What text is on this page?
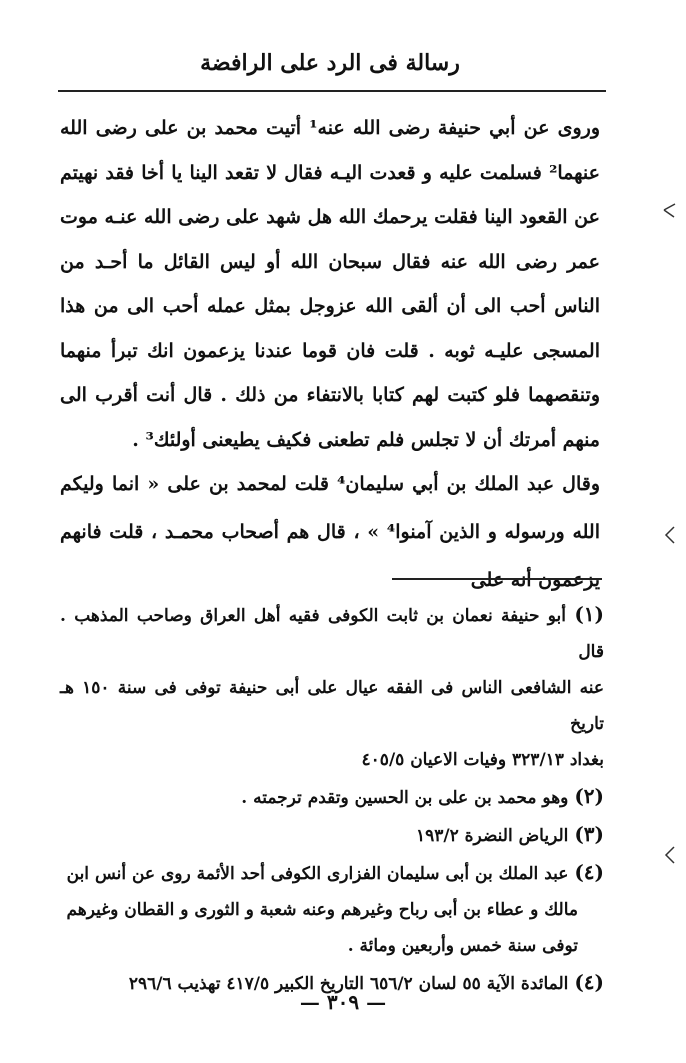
رسالة فى الرد على الرافضة
وروى عن أبي حنيفة رضى الله عنه¹ أتيت محمد بن على رضى الله عنهما² فسلمت عليه و قعدت اليـه فقال لا تقعد الينا يا أخا فقد نهيتم عن القعود الينا فقلت يرحمك الله هل شهد على رضى الله عنـه موت عمر رضى الله عنه فقال سبحان الله أو ليس القائل ما أحـد من الناس أحب الى أن ألقى الله عزوجل بمثل عمله أحب الى من هذا المسجى عليـه ثوبه . قلت فان قوما عندنا يزعمون انك تبرأ منهما وتنقصهما فلو كتبت لهم كتابا بالانتفاء من ذلك . قال أنت أقرب الى منهم أمرتك أن لا تجلس فلم تطعنى فكيف يطيعنى أولئك³ .
وقال عبد الملك بن أبي سليمان⁴ قلت لمحمد بن على « انما وليكم الله ورسوله و الذين آمنوا⁴ » ، قال هم أصحاب محمـد ، قلت فانهم يزعمون أنه على
(١) أبو حنيفة نعمان بن ثابت الكوفى فقيه أهل العراق وصاحب المذهب . قال
عنه الشافعى الناس فى الفقه عيال على أبى حنيفة توفى فى سنة ١٥٠ هـ تاريخ
بغداد ٣٢٣/١٣ وفيات الاعيان ٤٠٥/٥
(٢) وهو محمد بن على بن الحسين وتقدم ترجمته .
(٣) الرياض النضرة ١٩٣/٢
(٤) عبد الملك بن أبى سليمان الفزارى الكوفى أحد الأئمة روى عن أنس ابن
مالك و عطاء بن أبى رباح وغيرهم وعنه شعبة و الثورى و القطان وغيرهم
توفى سنة خمس وأربعين ومائة .
(٤) المائدة الآية ٥٥ لسان ٦٥٦/٢ التاريخ الكبير ٤١٧/٥ تهذيب ٢٩٦/٦
— ٣٠٩ —
